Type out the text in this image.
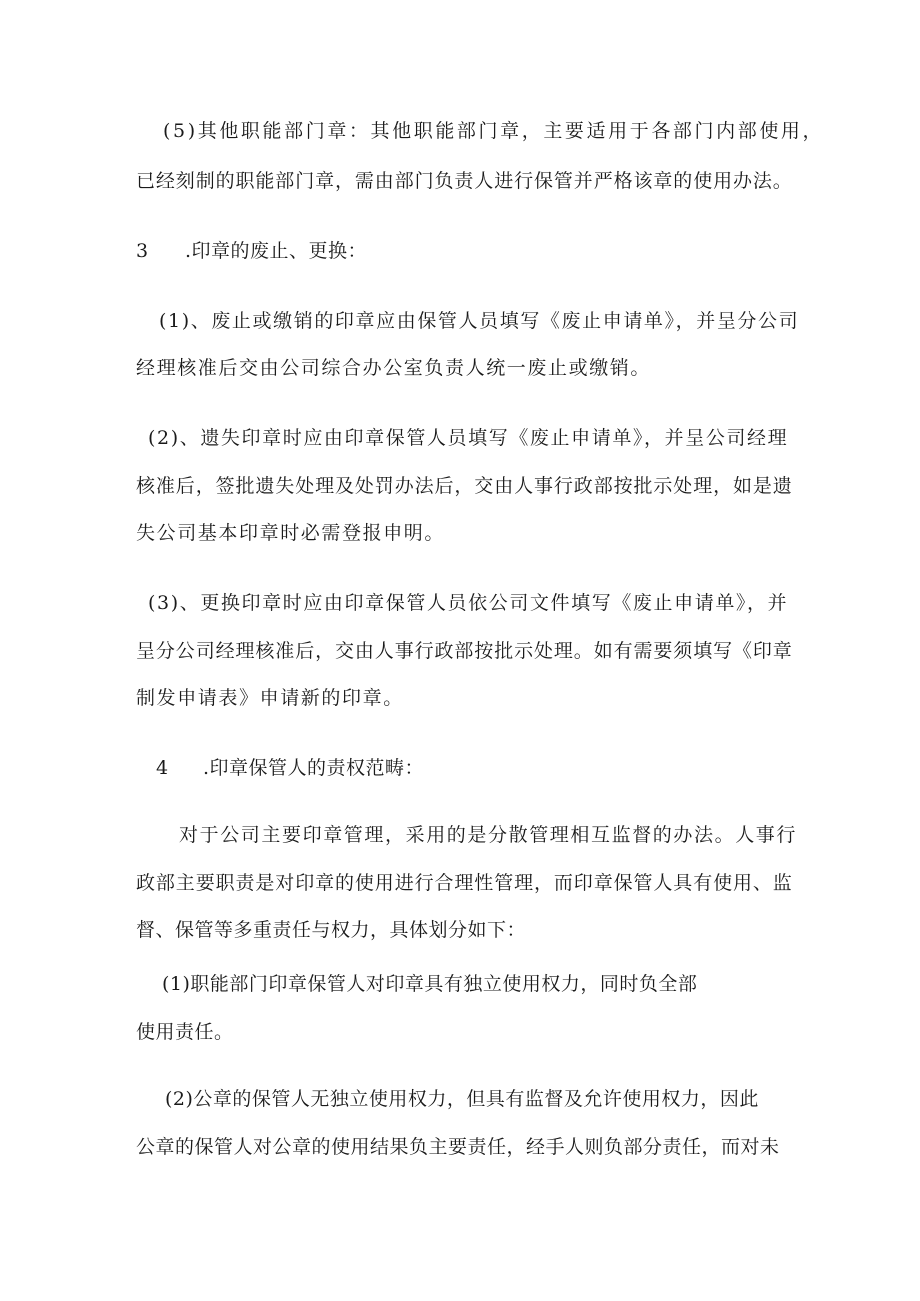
(5)其他职能部门章：其他职能部门章，主要适用于各部门内部使用，
已经刻制的职能部门章，需由部门负责人进行保管并严格该章的使用办法。
3 .印章的废止、更换：
(1)、废止或缴销的印章应由保管人员填写《废止申请单》，并呈分公司
经理核准后交由公司综合办公室负责人统一废止或缴销。
(2)、遗失印章时应由印章保管人员填写《废止申请单》，并呈公司经理
核准后，签批遗失处理及处罚办法后，交由人事行政部按批示处理，如是遗
失公司基本印章时必需登报申明。
(3)、更换印章时应由印章保管人员依公司文件填写《废止申请单》，并
呈分公司经理核准后，交由人事行政部按批示处理。如有需要须填写《印章
制发申请表》申请新的印章。
4 .印章保管人的责权范畴：
对于公司主要印章管理，采用的是分散管理相互监督的办法。人事行
政部主要职责是对印章的使用进行合理性管理，而印章保管人具有使用、监
督、保管等多重责任与权力，具体划分如下：
(1)职能部门印章保管人对印章具有独立使用权力，同时负全部
使用责任。
(2)公章的保管人无独立使用权力，但具有监督及允许使用权力，因此
公章的保管人对公章的使用结果负主要责任，经手人则负部分责任，而对未
